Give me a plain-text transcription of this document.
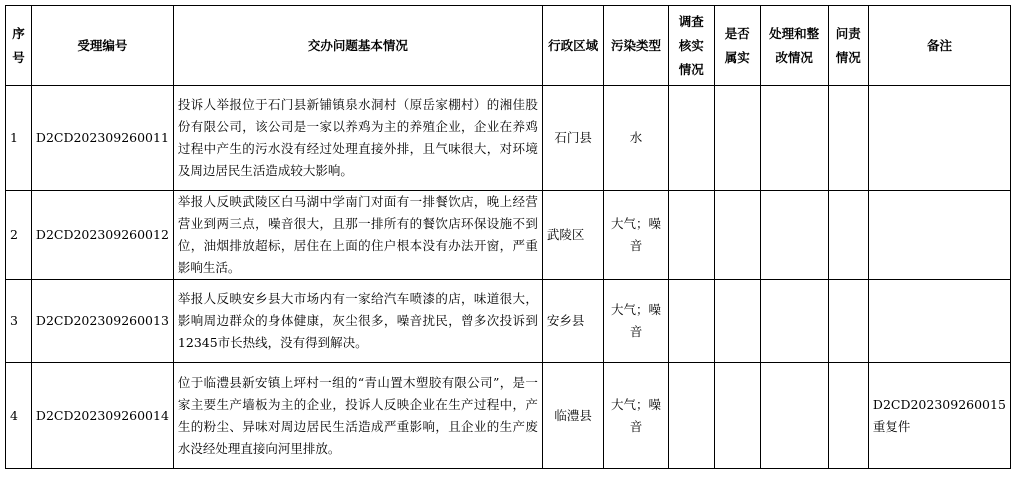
序号	受理编号	交办问题基本情况	行政区域	污染类型	调查核实情况	是否属实	处理和整改情况	问责情况	备注
1	D2CD202309260011	投诉人举报位于石门县新铺镇泉水洞村（原岳家棚村）的湘佳股份有限公司，该公司是一家以养鸡为主的养殖企业，企业在养鸡过程中产生的污水没有经过处理直接外排，且气味很大，对环境及周边居民生活造成较大影响。	石门县	水					
2	D2CD202309260012	举报人反映武陵区白马湖中学南门对面有一排餐饮店，晚上经营营业到两三点，噪音很大，且那一排所有的餐饮店环保设施不到位，油烟排放超标，居住在上面的住户根本没有办法开窗，严重影响生活。	武陵区	大气；噪音					
3	D2CD202309260013	举报人反映安乡县大市场内有一家给汽车喷漆的店，味道很大，影响周边群众的身体健康，灰尘很多，噪音扰民，曾多次投诉到12345市长热线，没有得到解决。	安乡县	大气；噪音					
4	D2CD202309260014	位于临澧县新安镇上坪村一组的“青山置木塑胶有限公司”，是一家主要生产墙板为主的企业，投诉人反映企业在生产过程中，产生的粉尘、异味对周边居民生活造成严重影响，且企业的生产废水没经处理直接向河里排放。	临澧县	大气；噪音					D2CD202309260015重复件
